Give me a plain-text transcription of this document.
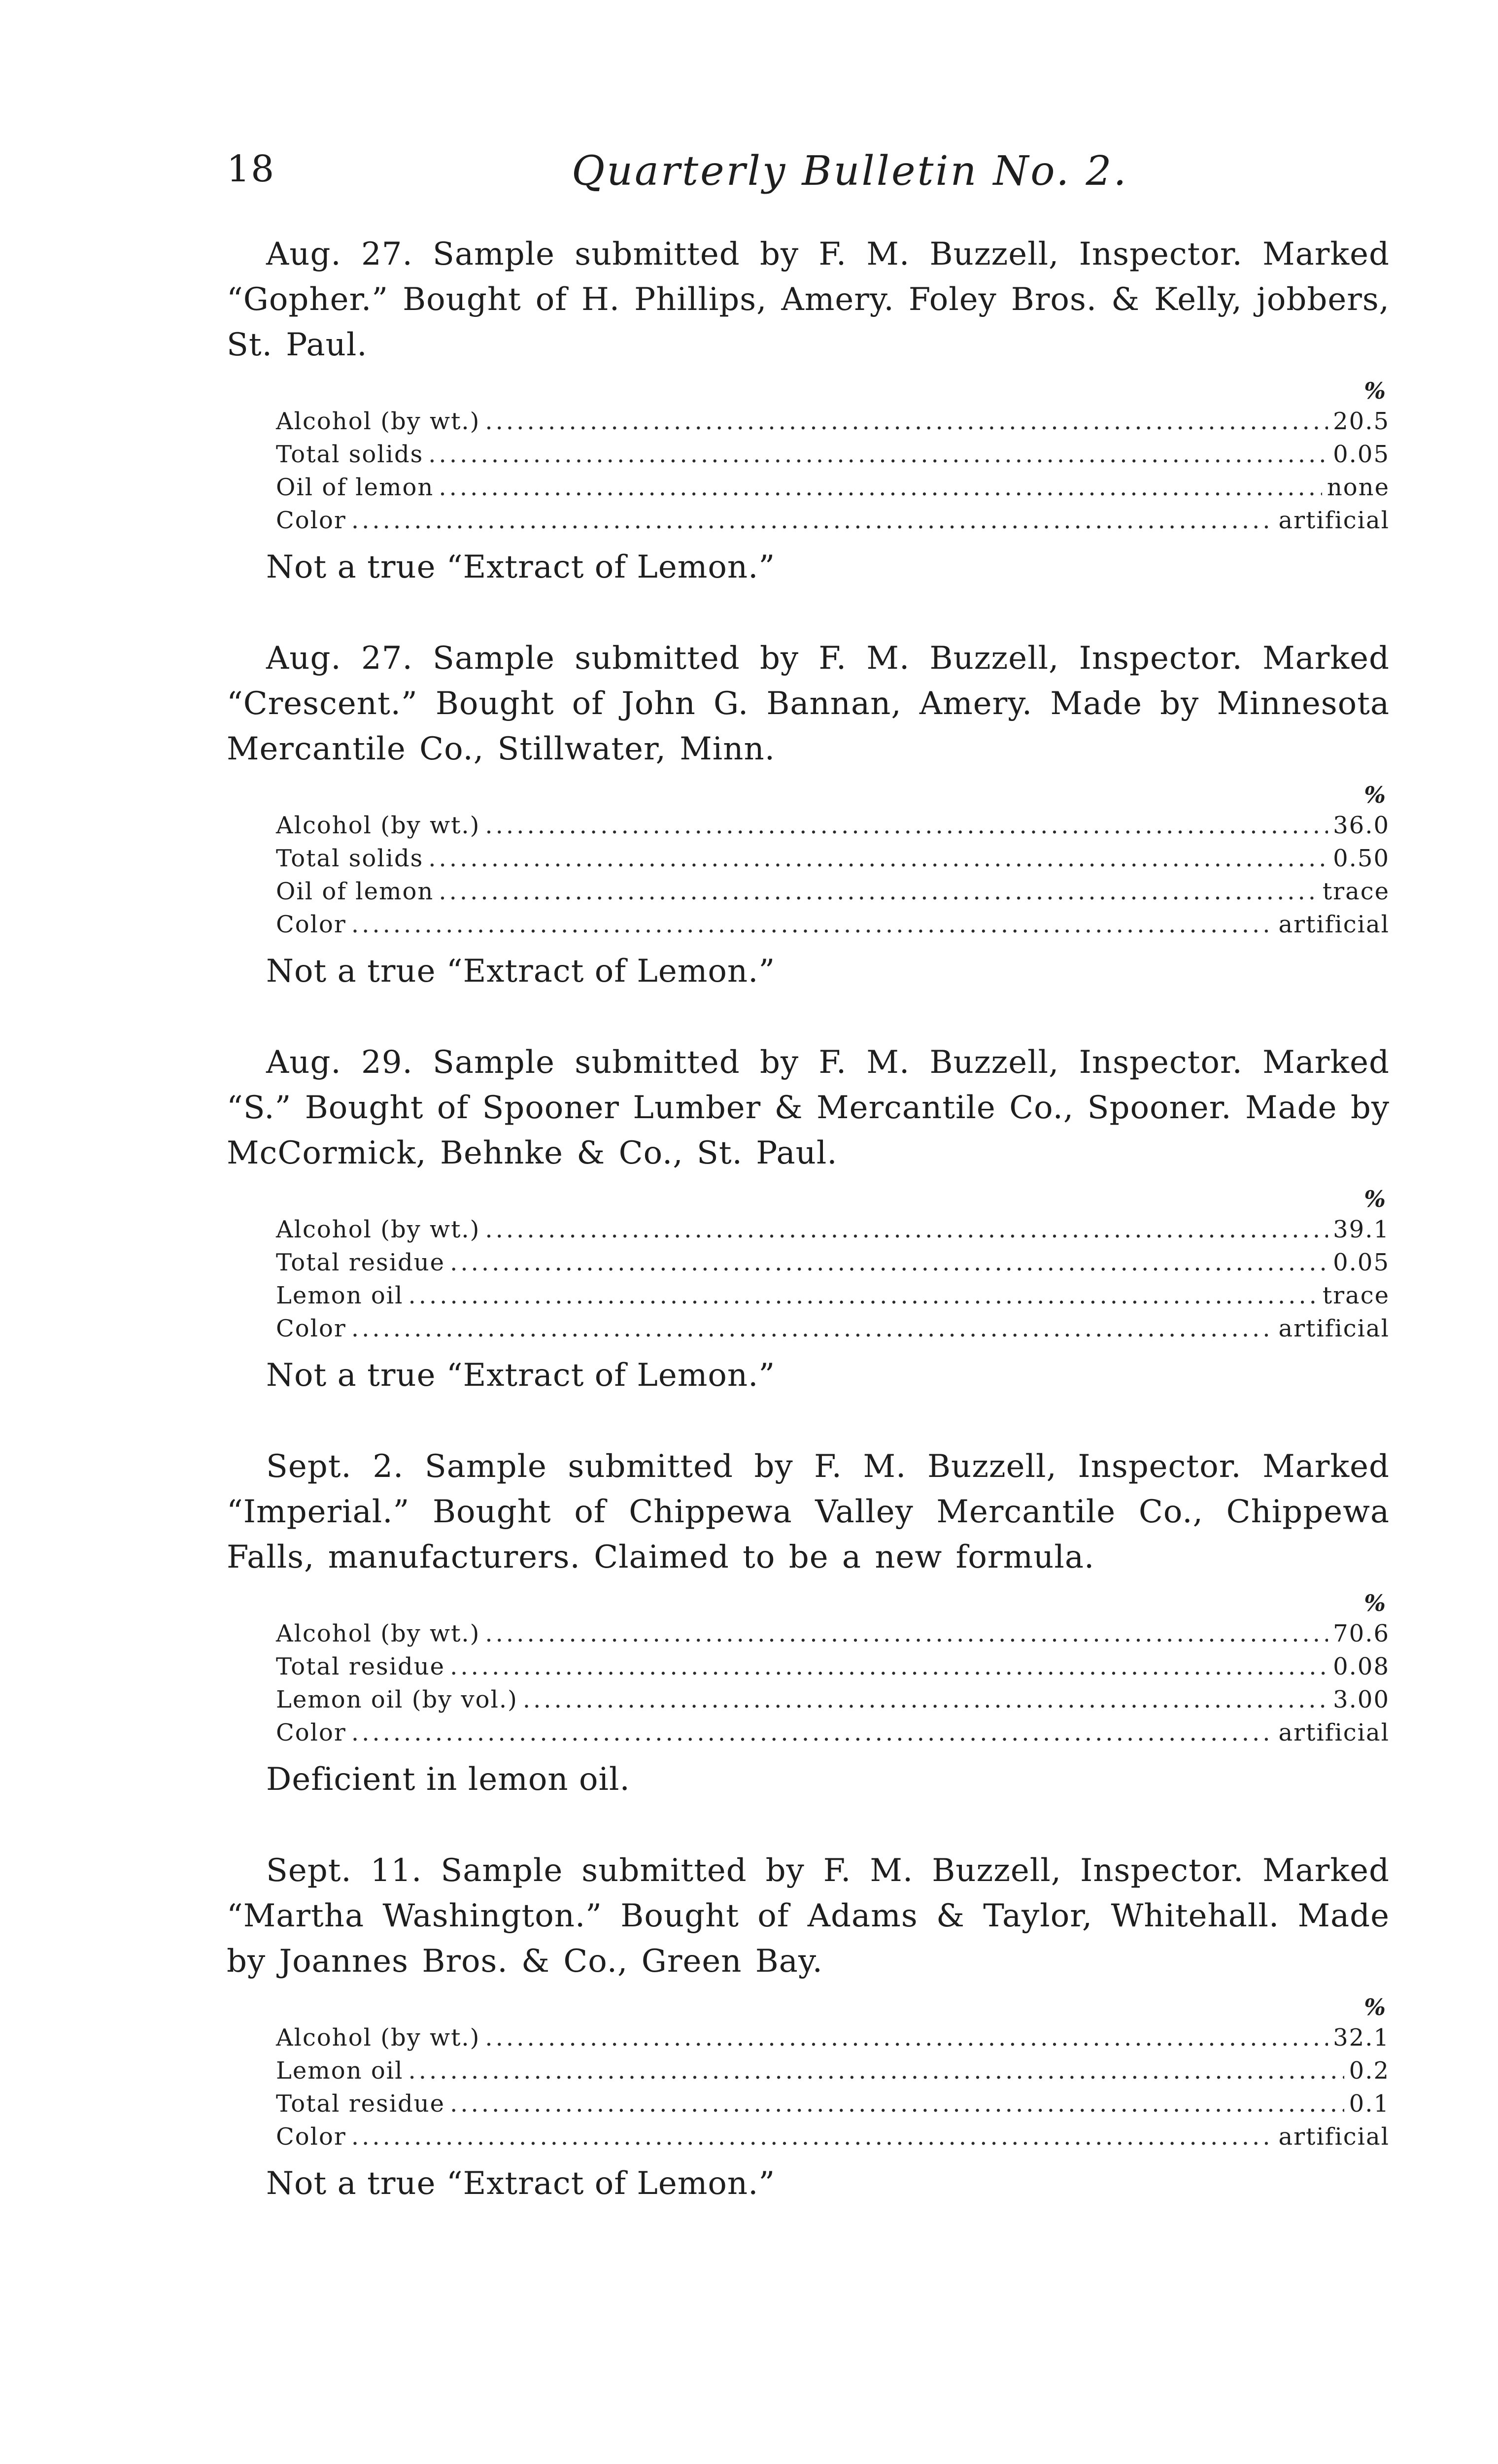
18	Quarterly Bulletin No. 2.

Aug. 27. Sample submitted by F. M. Buzzell, Inspector. Marked “Gopher.” Bought of H. Phillips, Amery. Foley Bros. & Kelly, jobbers, St. Paul.

%
Alcohol (by wt.) .....	20.5
Total solids .....	0.05
Oil of lemon .....	none
Color .....	artificial
Not a true “Extract of Lemon.”

Aug. 27. Sample submitted by F. M. Buzzell, Inspector. Marked “Crescent.” Bought of John G. Bannan, Amery. Made by Minnesota Mercantile Co., Stillwater, Minn.

%
Alcohol (by wt.) .....	36.0
Total solids .....	0.50
Oil of lemon .....	trace
Color .....	artificial
Not a true “Extract of Lemon.”

Aug. 29. Sample submitted by F. M. Buzzell, Inspector. Marked “S.” Bought of Spooner Lumber & Mercantile Co., Spooner. Made by McCormick, Behnke & Co., St. Paul.

%
Alcohol (by wt.) .....	39.1
Total residue .....	0.05
Lemon oil .....	trace
Color .....	artificial
Not a true “Extract of Lemon.”

Sept. 2. Sample submitted by F. M. Buzzell, Inspector. Marked “Imperial.” Bought of Chippewa Valley Mercantile Co., Chippewa Falls, manufacturers. Claimed to be a new formula.

%
Alcohol (by wt.) .....	70.6
Total residue .....	0.08
Lemon oil (by vol.) .....	3.00
Color .....	artificial
Deficient in lemon oil.

Sept. 11. Sample submitted by F. M. Buzzell, Inspector. Marked “Martha Washington.” Bought of Adams & Taylor, Whitehall. Made by Joannes Bros. & Co., Green Bay.

%
Alcohol (by wt.) .....	32.1
Lemon oil .....	0.2
Total residue .....	0.1
Color .....	artificial
Not a true “Extract of Lemon.”
